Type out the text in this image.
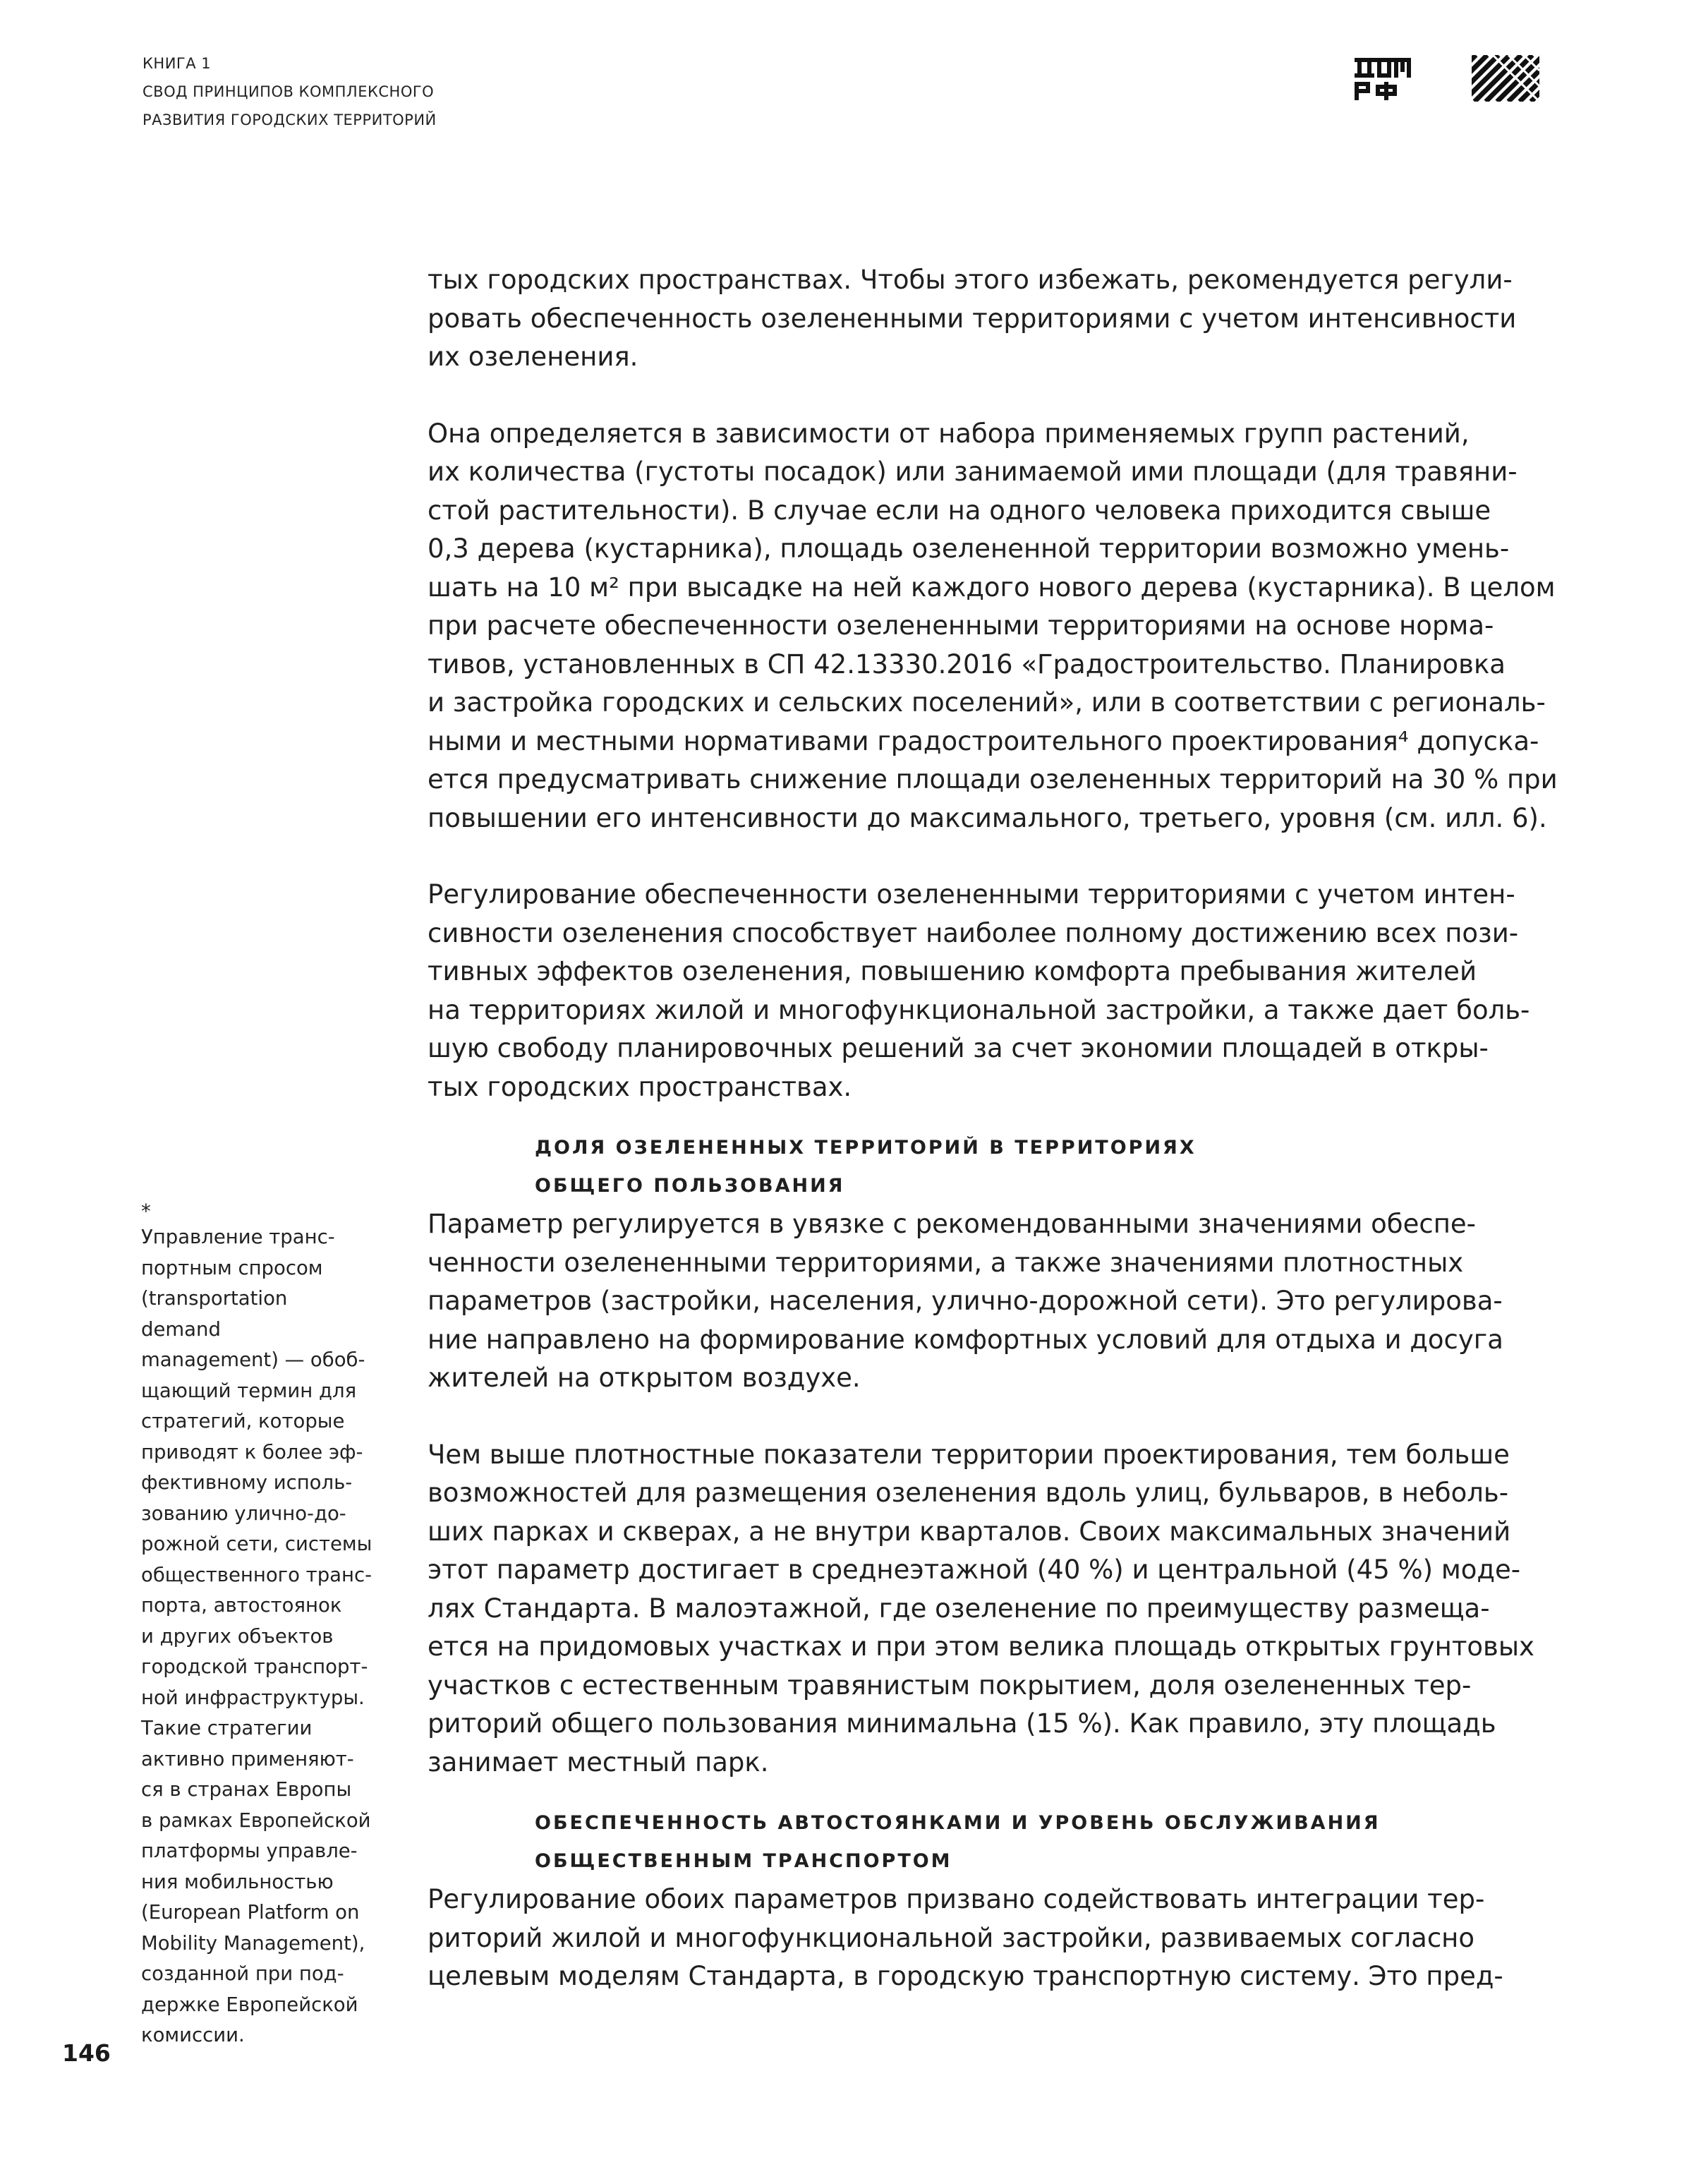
КНИГА 1
СВОД ПРИНЦИПОВ КОМПЛЕКСНОГО
РАЗВИТИЯ ГОРОДСКИХ ТЕРРИТОРИЙ

тых городских пространствах. Чтобы этого избежать, рекомендуется регули-
ровать обеспеченность озелененными территориями с учетом интенсивности
их озеленения.

Она определяется в зависимости от набора применяемых групп растений,
их количества (густоты посадок) или занимаемой ими площади (для травяни-
стой растительности). В случае если на одного человека приходится свыше
0,3 дерева (кустарника), площадь озелененной территории возможно умень-
шать на 10 м² при высадке на ней каждого нового дерева (кустарника). В целом
при расчете обеспеченности озелененными территориями на основе норма-
тивов, установленных в СП 42.13330.2016 «Градостроительство. Планировка
и застройка городских и сельских поселений», или в соответствии с региональ-
ными и местными нормативами градостроительного проектирования⁴ допуска-
ется предусматривать снижение площади озелененных территорий на 30 % при
повышении его интенсивности до максимального, третьего, уровня (см. илл. 6).

Регулирование обеспеченности озелененными территориями с учетом интен-
сивности озеленения способствует наиболее полному достижению всех пози-
тивных эффектов озеленения, повышению комфорта пребывания жителей
на территориях жилой и многофункциональной застройки, а также дает боль-
шую свободу планировочных решений за счет экономии площадей в откры-
тых городских пространствах.

ДОЛЯ ОЗЕЛЕНЕННЫХ ТЕРРИТОРИЙ В ТЕРРИТОРИЯХ
ОБЩЕГО ПОЛЬЗОВАНИЯ

Параметр регулируется в увязке с рекомендованными значениями обеспе-
ченности озелененными территориями, а также значениями плотностных
параметров (застройки, населения, улично-дорожной сети). Это регулирова-
ние направлено на формирование комфортных условий для отдыха и досуга
жителей на открытом воздухе.

Чем выше плотностные показатели территории проектирования, тем больше
возможностей для размещения озеленения вдоль улиц, бульваров, в неболь-
ших парках и скверах, а не внутри кварталов. Своих максимальных значений
этот параметр достигает в среднеэтажной (40 %) и центральной (45 %) моде-
лях Стандарта. В малоэтажной, где озеленение по преимуществу размеща-
ется на придомовых участках и при этом велика площадь открытых грунтовых
участков с естественным травянистым покрытием, доля озелененных тер-
риторий общего пользования минимальна (15 %). Как правило, эту площадь
занимает местный парк.

ОБЕСПЕЧЕННОСТЬ АВТОСТОЯНКАМИ И УРОВЕНЬ ОБСЛУЖИВАНИЯ
ОБЩЕСТВЕННЫМ ТРАНСПОРТОМ

Регулирование обоих параметров призвано содействовать интеграции тер-
риторий жилой и многофункциональной застройки, развиваемых согласно
целевым моделям Стандарта, в городскую транспортную систему. Это пред-

*
Управление транс-
портным спросом
(transportation
demand
management) — обоб-
щающий термин для
стратегий, которые
приводят к более эф-
фективному исполь-
зованию улично-до-
рожной сети, системы
общественного транс-
порта, автостоянок
и других объектов
городской транспорт-
ной инфраструктуры.
Такие стратегии
активно применяют-
ся в странах Европы
в рамках Европейской
платформы управле-
ния мобильностью
(European Platform on
Mobility Management),
созданной при под-
держке Европейской
комиссии.
146
